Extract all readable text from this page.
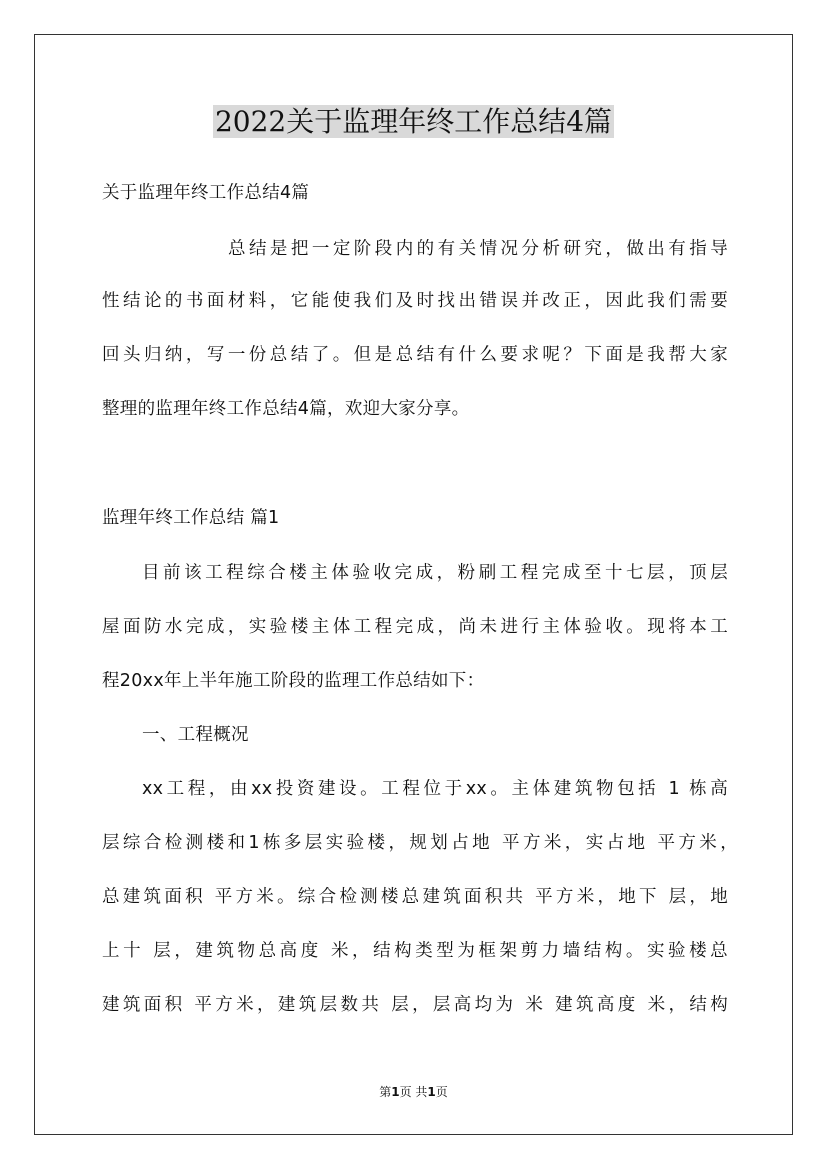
2022关于监理年终工作总结4篇
关于监理年终工作总结4篇
总结是把一定阶段内的有关情况分析研究，做出有指导
性结论的书面材料，它能使我们及时找出错误并改正，因此我们需要
回头归纳，写一份总结了。但是总结有什么要求呢？下面是我帮大家
整理的监理年终工作总结4篇，欢迎大家分享。
监理年终工作总结 篇1
目前该工程综合楼主体验收完成，粉刷工程完成至十七层，顶层
屋面防水完成，实验楼主体工程完成，尚未进行主体验收。现将本工
程20xx年上半年施工阶段的监理工作总结如下：
一、工程概况
xx工程，由xx投资建设。工程位于xx。主体建筑物包括 1 栋高
层综合检测楼和1栋多层实验楼，规划占地 平方米，实占地 平方米，
总建筑面积 平方米。综合检测楼总建筑面积共 平方米，地下 层，地
上十 层，建筑物总高度 米，结构类型为框架剪力墙结构。实验楼总
建筑面积 平方米，建筑层数共 层，层高均为 米 建筑高度 米，结构
第1页 共1页
